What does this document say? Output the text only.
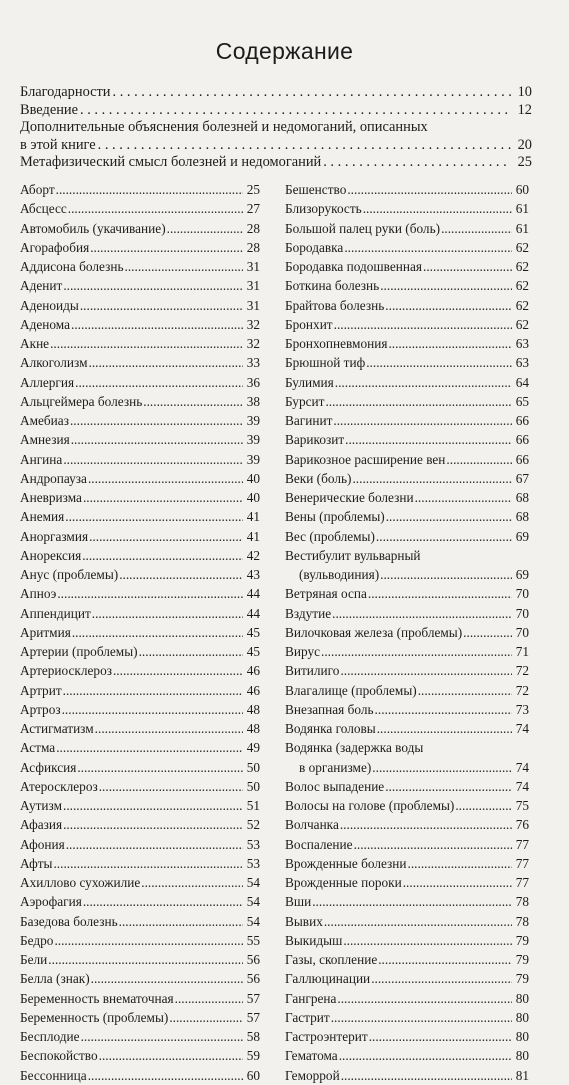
Содержание
Благодарности . . .	10
Введение . . .	12
Дополнительные объяснения болезней и недомоганий, описанных
в этой книге . . .	20
Метафизический смысл болезней и недомоганий . . .	25
Аборт .....	25
Абсцесс .....	27
Автомобиль (укачивание) .....	28
Агорафобия .....	28
Аддисона болезнь .....	31
Аденит .....	31
Аденоиды .....	31
Аденома .....	32
Акне .....	32
Алкоголизм .....	33
Аллергия .....	36
Альцгеймера болезнь .....	38
Амебиаз .....	39
Амнезия .....	39
Ангина .....	39
Андропауза .....	40
Аневризма .....	40
Анемия .....	41
Аноргазмия .....	41
Анорексия .....	42
Анус (проблемы) .....	43
Апноэ .....	44
Аппендицит .....	44
Аритмия .....	45
Артерии (проблемы) .....	45
Артериосклероз .....	46
Артрит .....	46
Артроз .....	48
Астигматизм .....	48
Астма .....	49
Асфиксия .....	50
Атеросклероз .....	50
Аутизм .....	51
Афазия .....	52
Афония .....	53
Афты .....	53
Ахиллово сухожилие .....	54
Аэрофагия .....	54
Базедова болезнь .....	54
Бедро .....	55
Бели .....	56
Белла (знак) .....	56
Беременность внематочная .....	57
Беременность (проблемы) .....	57
Бесплодие .....	58
Беспокойство .....	59
Бессонница .....	60
Бешенство .....	60
Близорукость .....	61
Большой палец руки (боль) .....	61
Бородавка .....	62
Бородавка подошвенная .....	62
Боткина болезнь .....	62
Брайтова болезнь .....	62
Бронхит .....	62
Бронхопневмония .....	63
Брюшной тиф .....	63
Булимия .....	64
Бурсит .....	65
Вагинит .....	66
Варикозит .....	66
Варикозное расширение вен .....	66
Веки (боль) .....	67
Венерические болезни .....	68
Вены (проблемы) .....	68
Вес (проблемы) .....	69
Вестибулит вульварный
(вульводиния) .....	69
Ветряная оспа .....	70
Вздутие .....	70
Вилочковая железа (проблемы) .....	70
Вирус .....	71
Витилиго .....	72
Влагалище (проблемы) .....	72
Внезапная боль .....	73
Водянка головы .....	74
Водянка (задержка воды
в организме) .....	74
Волос выпадение .....	74
Волосы на голове (проблемы) .....	75
Волчанка .....	76
Воспаление .....	77
Врожденные болезни .....	77
Врожденные пороки .....	77
Вши .....	78
Вывих .....	78
Выкидыш .....	79
Газы, скопление .....	79
Галлюцинации .....	79
Гангрена .....	80
Гастрит .....	80
Гастроэнтерит .....	80
Гематома .....	80
Геморрой .....	81
